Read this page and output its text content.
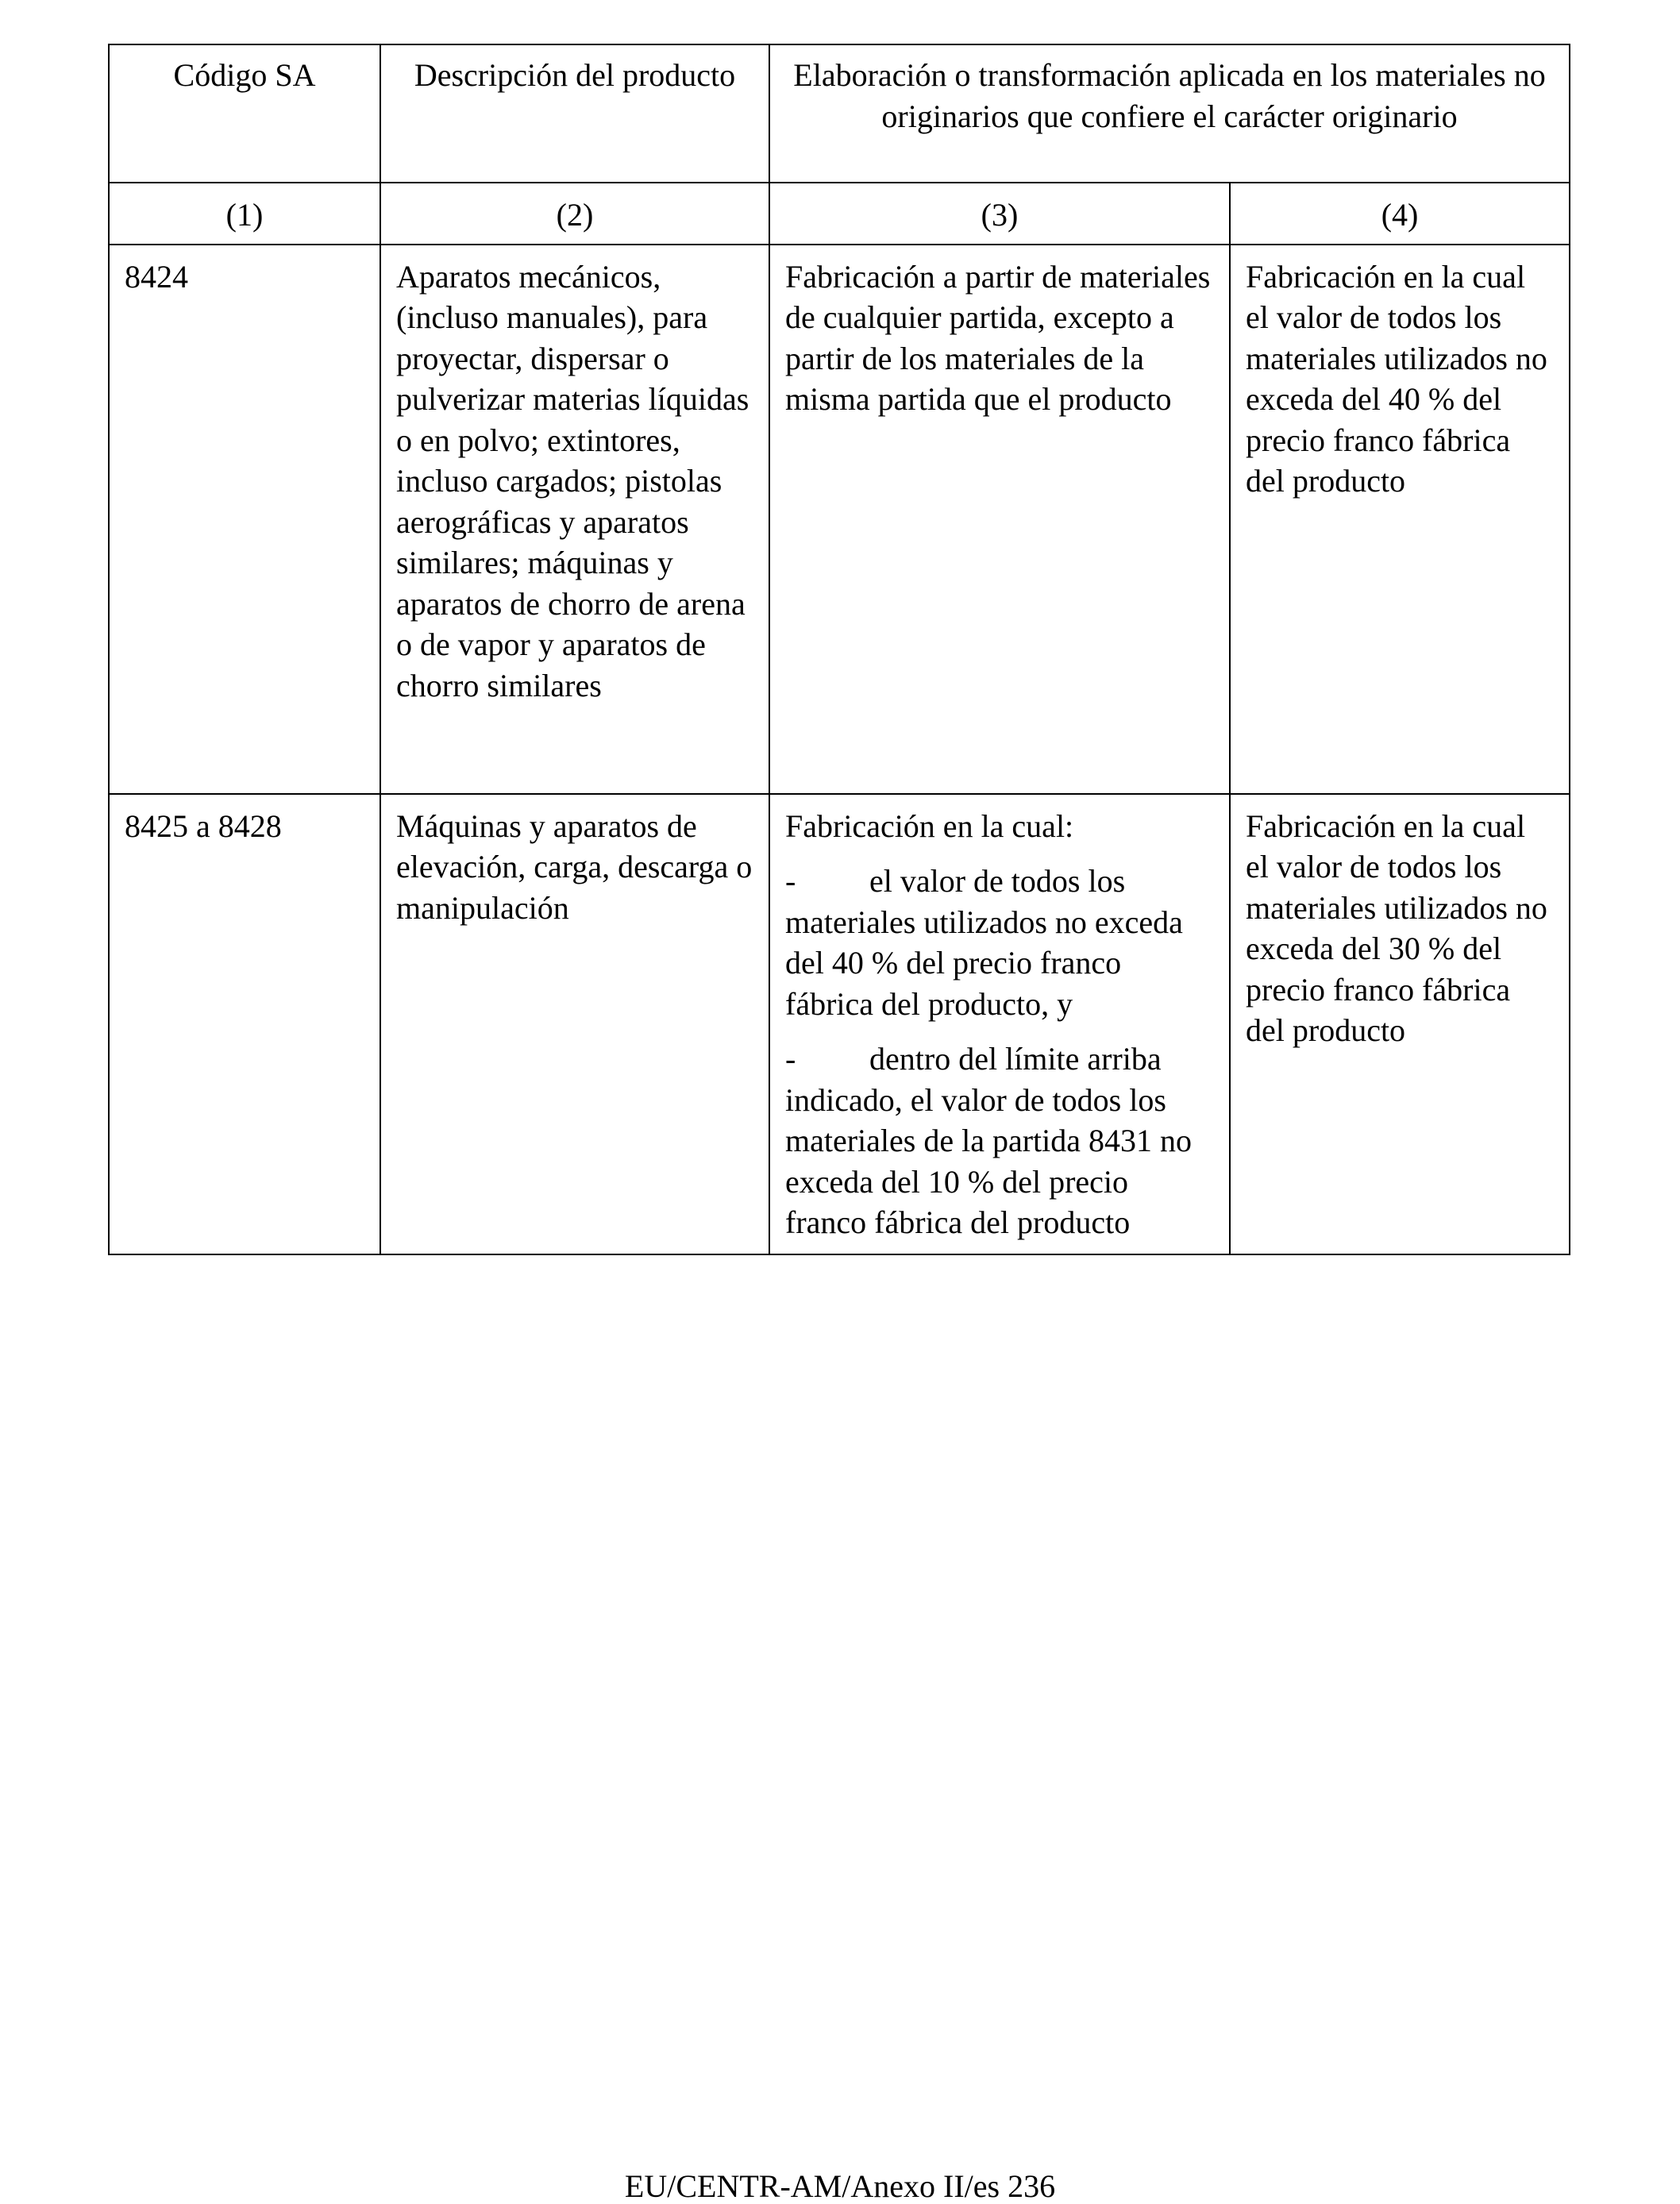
Código SA	Descripción del producto	Elaboración o transformación aplicada en los materiales no originarios que confiere el carácter originario	
(1)	(2)	(3)	(4)
8424	Aparatos mecánicos, (incluso manuales), para proyectar, dispersar o pulverizar materias líquidas o en polvo; extintores, incluso cargados; pistolas aerográficas y aparatos similares; máquinas y aparatos de chorro de arena o de vapor y aparatos de chorro similares	Fabricación a partir de materiales de cualquier partida, excepto a partir de los materiales de la misma partida que el producto	Fabricación en la cual el valor de todos los materiales utilizados no exceda del 40 % del precio franco fábrica del producto
8425 a 8428	Máquinas y aparatos de elevación, carga, descarga o manipulación	Fabricación en la cual:

- el valor de todos los materiales utilizados no exceda del 40 % del precio franco fábrica del producto, y

- dentro del límite arriba indicado, el valor de todos los materiales de la partida 8431 no exceda del 10 % del precio franco fábrica del producto	Fabricación en la cual el valor de todos los materiales utilizados no exceda del 30 % del precio franco fábrica del producto
EU/CENTR-AM/Anexo II/es 236
